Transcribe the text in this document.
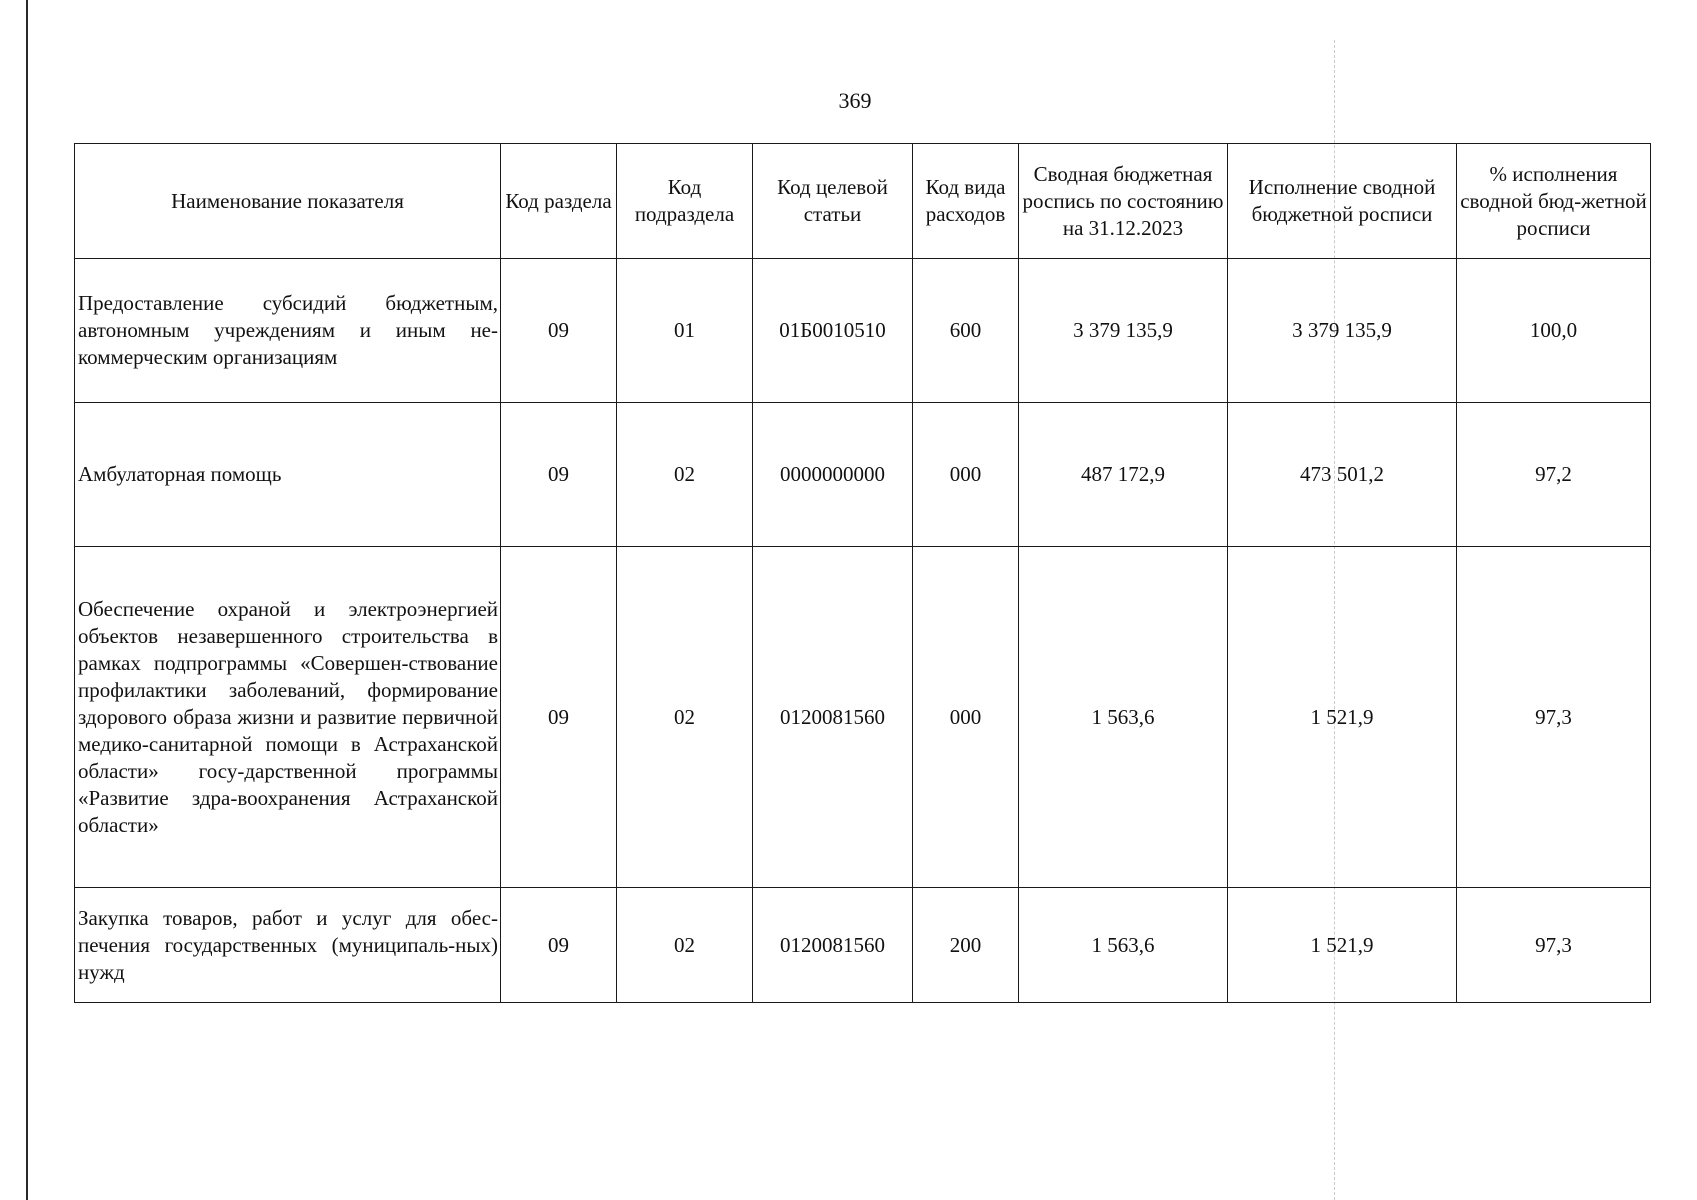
369
Наименование показателя	Код раздела	Код подраздела	Код целевой статьи	Код вида расходов	Сводная бюджетная роспись по состоянию на 31.12.2023	Исполнение сводной бюджетной росписи	% исполнения сводной бюд-жетной росписи
Предоставление субсидий бюджетным, автономным учреждениям и иным не-коммерческим организациям	09	01	01Б0010510	600	3 379 135,9	3 379 135,9	100,0
Амбулаторная помощь	09	02	0000000000	000	487 172,9	473 501,2	97,2
Обеспечение охраной и электроэнергией объектов незавершенного строительства в рамках подпрограммы «Совершен-ствование профилактики заболеваний, формирование здорового образа жизни и развитие первичной медико-санитарной помощи в Астраханской области» госу-дарственной программы «Развитие здра-воохранения Астраханской области»	09	02	0120081560	000	1 563,6	1 521,9	97,3
Закупка товаров, работ и услуг для обес-печения государственных (муниципаль-ных) нужд	09	02	0120081560	200	1 563,6	1 521,9	97,3
